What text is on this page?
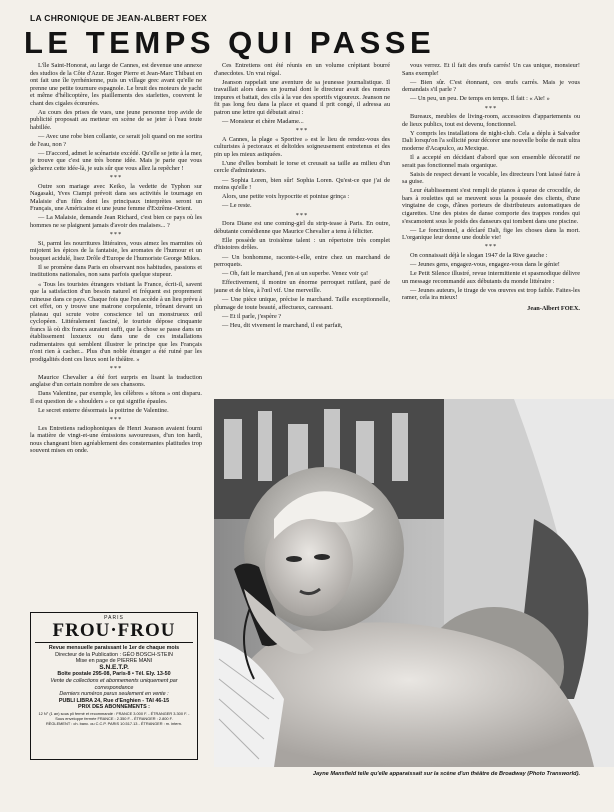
LA CHRONIQUE DE JEAN-ALBERT FOEX
LE TEMPS QUI PASSE

L'île Saint-Honorat, au large de Cannes, est devenue une annexe des studios de la Côte d'Azur. Roger Pierre et Jean-Marc Thibaut en ont fait une île tyrrhénienne, puis un village grec avant qu'elle ne prenne une petite tournure espagnole. Le bruit des moteurs de yacht et même d'hélicoptère, les piaillements des starlettes, couvrent le chant des cigales écœurées.

Au cours des prises de vues, une jeune personne trop avide de publicité proposait au metteur en scène de se jeter à l'eau toute habillée.

— Avec une robe bien collante, ce serait joli quand on me sortira de l'eau, non ?

— D'accord, admet le scénariste excédé. Qu'elle se jette à la mer, je trouve que c'est une très bonne idée. Mais je parie que vous gâcherez cette idée-là, je suis sûr que vous allez la repêcher !

***

Outre son mariage avec Keiko, la vedette de Typhon sur Nagasaki, Yves Ciampi prévoit dans ses activités le tournage en Malaisie d'un film dont les principaux interprètes seront un Français, une Américaine et une jeune femme d'Extrême-Orient.

— La Malaisie, demande Jean Richard, c'est bien ce pays où les hommes ne se plaignent jamais d'avoir des malaises... ?

***

Si, parmi les nourritures littéraires, vous aimez les marmites où mijotent les épices de la fantaisie, les aromates de l'humour et un bouquet acidulé, lisez Drôle d'Europe de l'humoriste George Mikes.

Il se promène dans Paris en observant nos habitudes, passions et institutions nationales, non sans parfois quelque stupeur.

« Tous les touristes étrangers visitant la France, écrit-il, savent que la satisfaction d'un besoin naturel et fréquent est proprement ruineuse dans ce pays. Chaque fois que l'on accède à un lieu prévu à cet effet, on y trouve une matrone corpulente, trônant devant un plateau qui scrute votre conscience tel un monstrueux œil cyclopéen. Littéralement fasciné, le touriste dépose cinquante francs là où dix francs auraient suffi, que la chose se passe dans un établissement luxueux ou dans une de ces installations rudimentaires qui semblent illustrer le principe que les Français n'ont rien à cacher... Plus d'un noble étranger a été ruiné par les prodigalités dont ces lieux sont le théâtre. »

***

Maurice Chevalier a été fort surpris en lisant la traduction anglaise d'un certain nombre de ses chansons.

Dans Valentine, par exemple, les célèbres « tétons » ont disparu. Il est question de « shoulders » ce qui signifie épaules.

Le secret enterre désormais la poitrine de Valentine.

***

Les Entretiens radiophoniques de Henri Jeanson avaient fourni la matière de vingt-et-une émissions savoureuses, d'un ton hardi, nous changeant bien agréablement des consternantes platitudes trop souvent mises en onde.

Ces Entretiens ont été réunis en un volume crépitant bourré d'anecdotes. Un vrai régal.

Jeanson rappelait une aventure de sa jeunesse journalistique. Il travaillait alors dans un journal dont le directeur avait des mœurs impures et battait, des cils à la vue des sportifs vigoureux. Jeanson ne fit pas long feu dans la place et quand il prit congé, il adressa au patron une lettre qui débutait ainsi :

— Monsieur et chère Madame...

***

A Cannes, la plage « Sportive » est le lieu de rendez-vous des culturistes à pectoraux et deltoïdes soigneusement entretenus et des pin up les mieux astiquées.

L'une d'elles bombait le torse et creusait sa taille au milieu d'un cercle d'admirateurs.

— Sophia Loren, bien sûr! Sophia Loren. Qu'est-ce que j'ai de moins qu'elle !

Alors, une petite voix hypocrite et pointue grinça :

— Le reste.

***

Dora Diane est une coming-girl du strip-tease à Paris. En outre, débutante comédienne que Maurice Chevalier a tenu à féliciter.

Elle possède un troisième talent : un répertoire très complet d'histoires drôles.

— Un bonhomme, raconte-t-elle, entre chez un marchand de perroquets.

— Oh, fait le marchand, j'en ai un superbe. Venez voir ça!

Effectivement, il montre un énorme perroquet rutilant, paré de jaune et de bleu, à l'œil vif. Une merveille.

— Une pièce unique, précise le marchand. Taille exceptionnelle, plumage de toute beauté, affectueux, caressant.

— Et il parle, j'espère ?

— Heu, dit vivement le marchand, il est parfait,

vous verrez. Et il fait des œufs carrés! Un cas unique, monsieur! Sans exemple!

— Bien sûr. C'est étonnant, ces œufs carrés. Mais je vous demandais s'il parle ?

— Un peu, un peu. De temps en temps. Il fait : « Aïe! »

***

Bureaux, meubles de living-room, accessoires d'appartements ou de lieux publics, tout est devenu, fonctionnel.

Y compris les installations de night-club. Cela a déplu à Salvador Dali lorsqu'on l'a sollicité pour décorer une nouvelle boîte de nuit ultra moderne d'Acapulco, au Mexique.

Il a accepté en décidant d'abord que son ensemble décoratif ne serait pas fonctionnel mais organique.

Saisis de respect devant le vocable, les directeurs l'ont laissé faire à sa guise.

Leur établissement s'est rempli de pianos à queue de crocodile, de bars à roulettes qui se meuvent sous la poussée des clients, d'une vingtaine de cogs, d'ânes porteurs de distributeurs automatiques de cigarettes. Une des pistes de danse comporte des trappes rondes qui s'escamotent sous le poids des danseurs qui tombent dans une piscine.

— Le fonctionnel, a déclaré Dali, fige les choses dans la mort. L'organique leur donne une double vie!

***

On connaissait déjà le slogan 1947 de la Rive gauche :

— Jeunes gens, engagez-vous, engagez-vous dans le génie!

Le Petit Silence illustré, revue intermittente et spasmodique délivre un message recommandé aux débutants du monde littéraire :

— Jeunes auteurs, le tirage de vos œuvres est trop faible. Faites-les ramer, cela ira mieux!

Jean-Albert FOEX.

Jayne Mansfield telle qu'elle apparaissait sur la scène d'un théâtre de Broadway (Photo Transworld).
PARIS
FROU·FROU
Revue mensuelle paraissant le 1er de chaque mois
Directeur de la Publication : GÉO BOSCH-STEIN
Mise en page de PIERRE MANI
S.N.E.T.P.
Boîte postale 295-08, Paris-8 • Tél. Ely. 13-50
Vente de collections et abonnements uniquement par correspondance
Derniers numéros parus seulement en vente :
PUBLI LIBRA 24, Rue d'Enghien - TAI 46-15
PRIX DES ABONNEMENTS :
12 N° (1 an) sous pli fermé et recommandé : FRANCE 3.000 F. - ÉTRANGER 3.300 F. - Sous enveloppe fermée FRANCE : 2.350 F. - ÉTRANGER : 2.800 F.
RÈGLEMENT : ch. banc. ou C.C.P. PARIS 10.517.13 - ÉTRANGER : m. intern.
